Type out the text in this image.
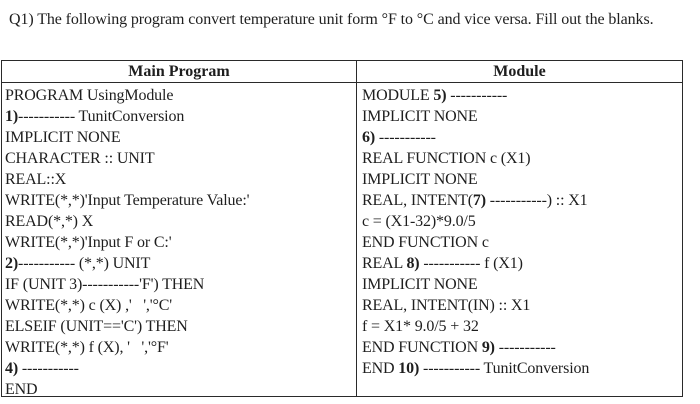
Q1) The following program convert temperature unit form °F to °C and vice versa. Fill out the blanks.
Main Program
PROGRAM UsingModule
1)----------- TunitConversion
IMPLICIT NONE
CHARACTER :: UNIT
REAL::X
WRITE(*,*)'Input Temperature Value:'
READ(*,*) X
WRITE(*,*)'Input F or C:'
2)----------- (*,*) UNIT
IF (UNIT 3)-----------'F') THEN
WRITE(*,*) c (X) ,'   ','°C'
ELSEIF (UNIT=='C') THEN
WRITE(*,*) f (X), '   ','°F'
4) -----------
END
Module
MODULE 5) -----------
IMPLICIT NONE
6) -----------
REAL FUNCTION c (X1)
IMPLICIT NONE
REAL, INTENT(7) -----------) :: X1
c = (X1-32)*9.0/5
END FUNCTION c
REAL 8) ----------- f (X1)
IMPLICIT NONE
REAL, INTENT(IN) :: X1
f = X1* 9.0/5 + 32
END FUNCTION 9) -----------
END 10) ----------- TunitConversion
